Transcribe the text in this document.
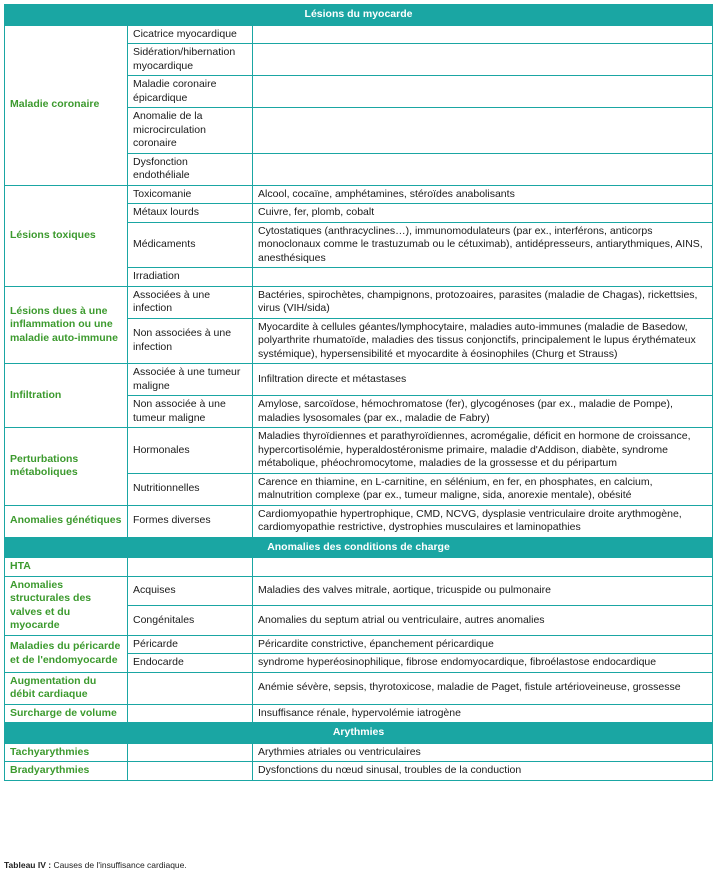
Lésions du myocarde		
Maladie coronaire	Cicatrice myocardique	
	Sidération/hibernation myocardique	
	Maladie coronaire épicardique	
	Anomalie de la microcirculation coronaire	
	Dysfonction endothéliale	
Lésions toxiques	Toxicomanie	Alcool, cocaïne, amphétamines, stéroïdes anabolisants
	Métaux lourds	Cuivre, fer, plomb, cobalt
	Médicaments	Cytostatiques (anthracyclines…), immunomodulateurs (par ex., interférons, anticorps monoclonaux comme le trastuzumab ou le cétuximab), antidépresseurs, antiarythmiques, AINS, anesthésiques
	Irradiation	
Lésions dues à une inflammation ou une maladie auto-immune	Associées à une infection	Bactéries, spirochètes, champignons, protozoaires, parasites (maladie de Chagas), rickettsies, virus (VIH/sida)
	Non associées à une infection	Myocardite à cellules géantes/lymphocytaire, maladies auto-immunes (maladie de Basedow, polyarthrite rhumatoïde, maladies des tissus conjonctifs, principalement le lupus érythémateux systémique), hypersensibilité et myocardite à éosinophiles (Churg et Strauss)
Infiltration	Associée à une tumeur maligne	Infiltration directe et métastases
	Non associée à une tumeur maligne	Amylose, sarcoïdose, hémochromatose (fer), glycogénoses (par ex., maladie de Pompe), maladies lysosomales (par ex., maladie de Fabry)
Perturbations métaboliques	Hormonales	Maladies thyroïdiennes et parathyroïdiennes, acromégalie, déficit en hormone de croissance, hypercortisolémie, hyperaldostéronisme primaire, maladie d'Addison, diabète, syndrome métabolique, phéochromocytome, maladies de la grossesse et du péripartum
	Nutritionnelles	Carence en thiamine, en L-carnitine, en sélénium, en fer, en phosphates, en calcium, malnutrition complexe (par ex., tumeur maligne, sida, anorexie mentale), obésité
Anomalies génétiques	Formes diverses	Cardiomyopathie hypertrophique, CMD, NCVG, dysplasie ventriculaire droite arythmogène, cardiomyopathie restrictive, dystrophies musculaires et laminopathies
Anomalies des conditions de charge		
HTA		
Anomalies structurales des valves et du myocarde	Acquises	Maladies des valves mitrale, aortique, tricuspide ou pulmonaire
	Congénitales	Anomalies du septum atrial ou ventriculaire, autres anomalies
Maladies du péricarde et de l'endomyocarde	Péricarde	Péricardite constrictive, épanchement péricardique
	Endocarde	syndrome hyperéosinophilique, fibrose endomyocardique, fibroélastose endocardique
Augmentation du débit cardiaque		Anémie sévère, sepsis, thyrotoxicose, maladie de Paget, fistule artérioveineuse, grossesse
Surcharge de volume		Insuffisance rénale, hypervolémie iatrogène
Arythmies		
Tachyarythmies		Arythmies atriales ou ventriculaires
Bradyarythmies		Dysfonctions du nœud sinusal, troubles de la conduction
Tableau IV : Causes de l'insuffisance cardiaque.
